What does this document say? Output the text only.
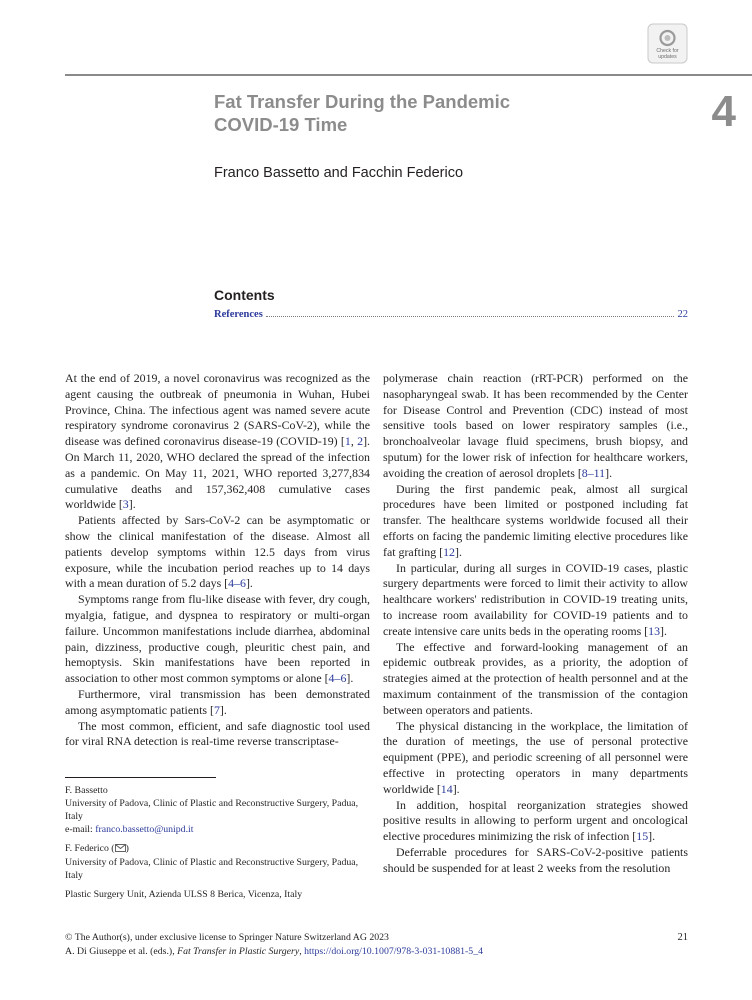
Check for
updates
Fat Transfer During the Pandemic
COVID-19 Time	4
Franco Bassetto and Facchin Federico
Contents
References	22

At the end of 2019, a novel coronavirus was recognized as the agent causing the outbreak of pneumonia in Wuhan, Hubei Province, China. The infectious agent was named severe acute respiratory syndrome coronavirus 2 (SARS-CoV-2), while the disease was defined coronavirus disease-19 (COVID-19) [1, 2]. On March 11, 2020, WHO declared the spread of the infection as a pandemic. On May 11, 2021, WHO reported 3,277,834 cumulative deaths and 157,362,408 cumulative cases worldwide [3].

Patients affected by Sars-CoV-2 can be asymptomatic or show the clinical manifestation of the disease. Almost all patients develop symptoms within 12.5 days from virus exposure, while the incubation period reaches up to 14 days with a mean duration of 5.2 days [4–6].

Symptoms range from flu-like disease with fever, dry cough, myalgia, fatigue, and dyspnea to respiratory or multi-organ failure. Uncommon manifestations include diarrhea, abdominal pain, dizziness, productive cough, pleuritic chest pain, and hemoptysis. Skin manifestations have been reported in association to other most common symptoms or alone [4–6].

Furthermore, viral transmission has been demonstrated among asymptomatic patients [7].

The most common, efficient, and safe diagnostic tool used for viral RNA detection is real-time reverse transcriptase-

polymerase chain reaction (rRT-PCR) performed on the nasopharyngeal swab. It has been recommended by the Center for Disease Control and Prevention (CDC) instead of most sensitive tools based on lower respiratory samples (i.e., bronchoalveolar lavage fluid specimens, brush biopsy, and sputum) for the lower risk of infection for healthcare workers, avoiding the creation of aerosol droplets [8–11].

During the first pandemic peak, almost all surgical procedures have been limited or postponed including fat transfer. The healthcare systems worldwide focused all their efforts on facing the pandemic limiting elective procedures like fat grafting [12].

In particular, during all surges in COVID-19 cases, plastic surgery departments were forced to limit their activity to allow healthcare workers' redistribution in COVID-19 treating units, to increase room availability for COVID-19 patients and to create intensive care units beds in the operating rooms [13].

The effective and forward-looking management of an epidemic outbreak provides, as a priority, the adoption of strategies aimed at the protection of health personnel and at the maximum containment of the transmission of the contagion between operators and patients.

The physical distancing in the workplace, the limitation of the duration of meetings, the use of personal protective equipment (PPE), and periodic screening of all personnel were effective in protecting operators in many departments worldwide [14].

In addition, hospital reorganization strategies showed positive results in allowing to perform urgent and oncological elective procedures minimizing the risk of infection [15].

Deferrable procedures for SARS-CoV-2-positive patients should be suspended for at least 2 weeks from the resolution

F. Bassetto

University of Padova, Clinic of Plastic and Reconstructive Surgery, Padua, Italy

e-mail: franco.bassetto@unipd.it

F. Federico ( )

University of Padova, Clinic of Plastic and Reconstructive Surgery, Padua, Italy

Plastic Surgery Unit, Azienda ULSS 8 Berica, Vicenza, Italy

© The Author(s), under exclusive license to Springer Nature Switzerland AG 2023
A. Di Giuseppe et al. (eds.), Fat Transfer in Plastic Surgery, https://doi.org/10.1007/978-3-031-10881-5_4
21
